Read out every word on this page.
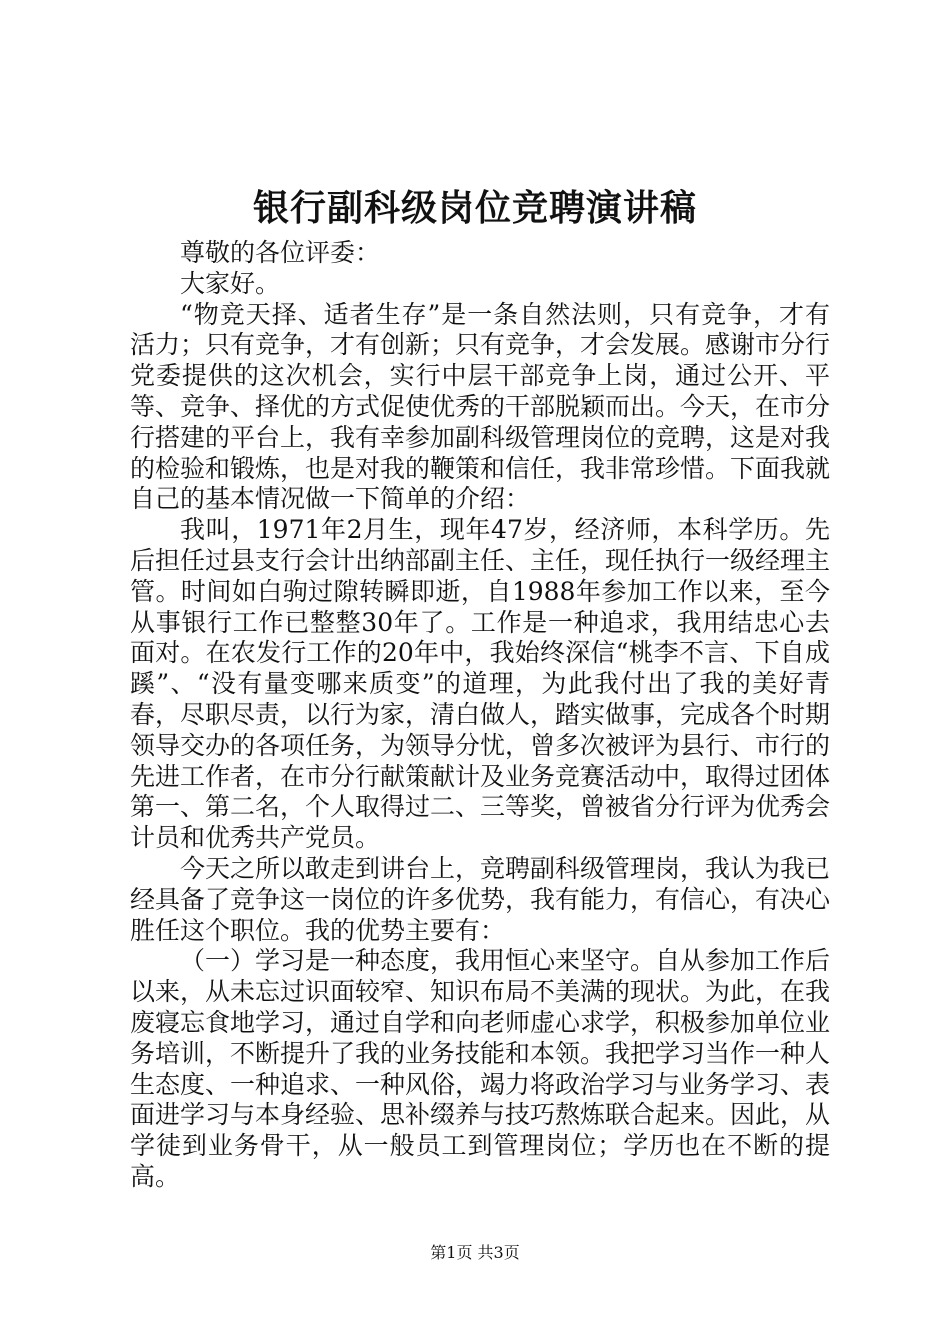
银行副科级岗位竞聘演讲稿

尊敬的各位评委：

大家好。

“物竞天择、适者生存”是一条自然法则，只有竞争，才有活力；只有竞争，才有创新；只有竞争，才会发展。感谢市分行党委提供的这次机会，实行中层干部竞争上岗，通过公开、平等、竞争、择优的方式促使优秀的干部脱颖而出。今天，在市分行搭建的平台上，我有幸参加副科级管理岗位的竞聘，这是对我的检验和锻炼，也是对我的鞭策和信任，我非常珍惜。下面我就自己的基本情况做一下简单的介绍：

我叫，1971年2月生，现年47岁，经济师，本科学历。先后担任过县支行会计出纳部副主任、主任，现任执行一级经理主管。时间如白驹过隙转瞬即逝，自1988年参加工作以来，至今从事银行工作已整整30年了。工作是一种追求，我用结忠心去面对。在农发行工作的20年中，我始终深信“桃李不言、下自成蹊”、“没有量变哪来质变”的道理，为此我付出了我的美好青春，尽职尽责，以行为家，清白做人，踏实做事，完成各个时期领导交办的各项任务，为领导分忧，曾多次被评为县行、市行的先进工作者，在市分行献策献计及业务竞赛活动中，取得过团体第一、第二名，个人取得过二、三等奖，曾被省分行评为优秀会计员和优秀共产党员。

今天之所以敢走到讲台上，竞聘副科级管理岗，我认为我已经具备了竞争这一岗位的许多优势，我有能力，有信心，有决心胜任这个职位。我的优势主要有：

（一）学习是一种态度，我用恒心来坚守。自从参加工作后以来，从未忘过识面较窄、知识布局不美满的现状。为此，在我废寝忘食地学习，通过自学和向老师虚心求学，积极参加单位业务培训，不断提升了我的业务技能和本领。我把学习当作一种人生态度、一种追求、一种风俗，竭力将政治学习与业务学习、表面进学习与本身经验、思补缀养与技巧熬炼联合起来。因此，从学徒到业务骨干，从一般员工到管理岗位；学历也在不断的提高。

第1页 共3页
